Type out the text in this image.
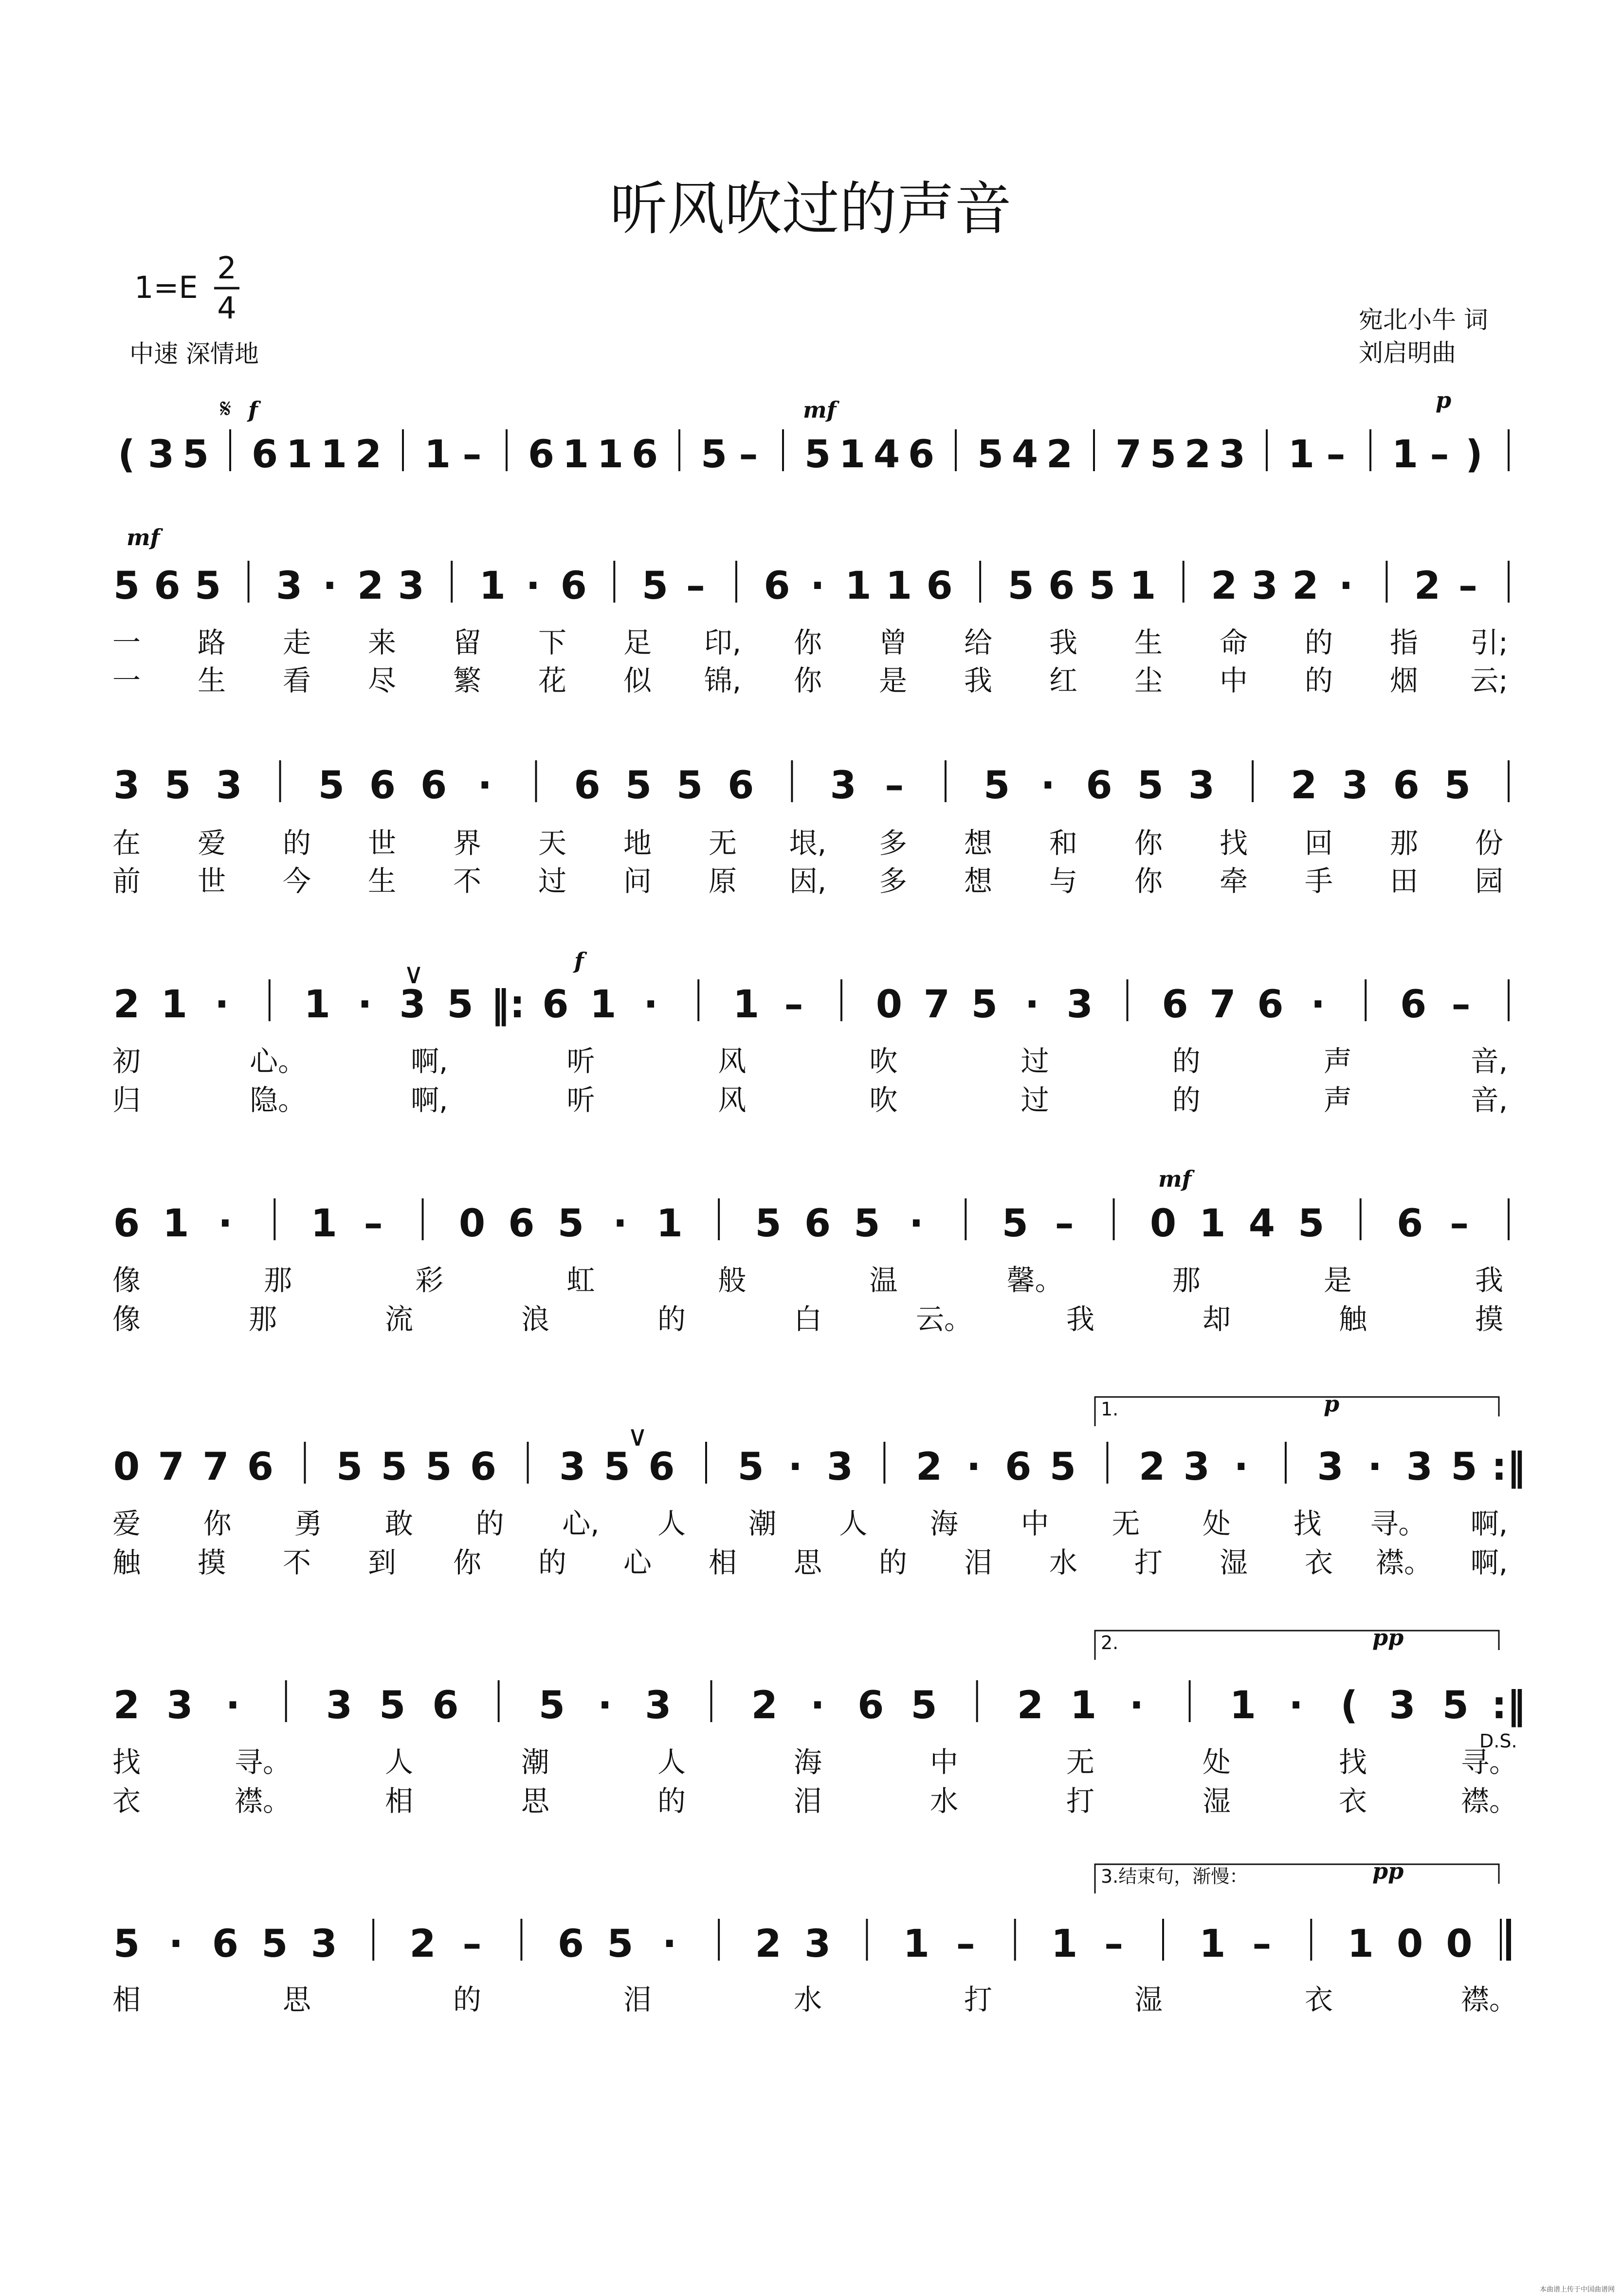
听风吹过的声音
1=E
2
4
中速 深情地
宛北小牛 词
刘启明曲
( 3 5 6 1 1 2 1 – 6 1 1 6 5 – 5 1 4 6 5 4 2 7 5 2 3 1 – 1 – )
𝄋 f	mf	p
5 6 5 3 · 2 3 1 · 6 5 – 6 · 1 1 6 5 6 5 1 2 3 2 · 2 –
一 路 走 来 留 下 足 印, 你 曾 给 我 生 命 的 指 引;
一 生 看 尽 繁 花 似 锦, 你 是 我 红 尘 中 的 烟 云;
mf
3 5 3 5 6 6 · 6 5 5 6 3 – 5 · 6 5 3 2 3 6 5
在 爱 的 世 界 天 地 无 垠, 多 想 和 你 找 回 那 份
前 世 今 生 不 过 问 原 因, 多 想 与 你 牵 手 田 园
2 1 · 1 · 3 5 ‖: 6 1 · 1 – 0 7 5 · 3 6 7 6 · 6 –
初	心。	啊,	听	风	吹	过	的	声	音,
归	隐。	啊,	听	风	吹	过	的	声	音,
f
∨
6 1 · 1 – 0 6 5 · 1 5 6 5 · 5 – 0 1 4 5 6 –
像	那	彩	虹	般	温	馨。	那	是	我
像	那	流	浪	的	白	云。	我	却	触	摸
mf
0 7 7 6 5 5 5 6 3 5 6 5 · 3 2 · 6 5 2 3 · 3 · 3 5 :‖
爱 你 勇 敢 的 心, 人 潮 人 海 中 无 处 找 寻。 啊,
触 摸 不 到 你 的 心 相 思 的 泪 水 打 湿 衣 襟。 啊,
p
1.
∨
2 3 · 3 5 6 5 · 3 2 · 6 5 2 1 · 1 · ( 3 5 :‖
找	寻。	人	潮	人	海	中	无	处	找	寻。
衣	襟。	相	思	的	泪	水	打	湿	衣	襟。
pp
2.
D.S.
5 · 6 5 3 2 – 6 5 · 2 3 1 – 1 – 1 – 1 0 0
相	思	的	泪	水	打	湿	衣	襟。
pp
3.结束句，渐慢：
本曲谱上传于中国曲谱网
